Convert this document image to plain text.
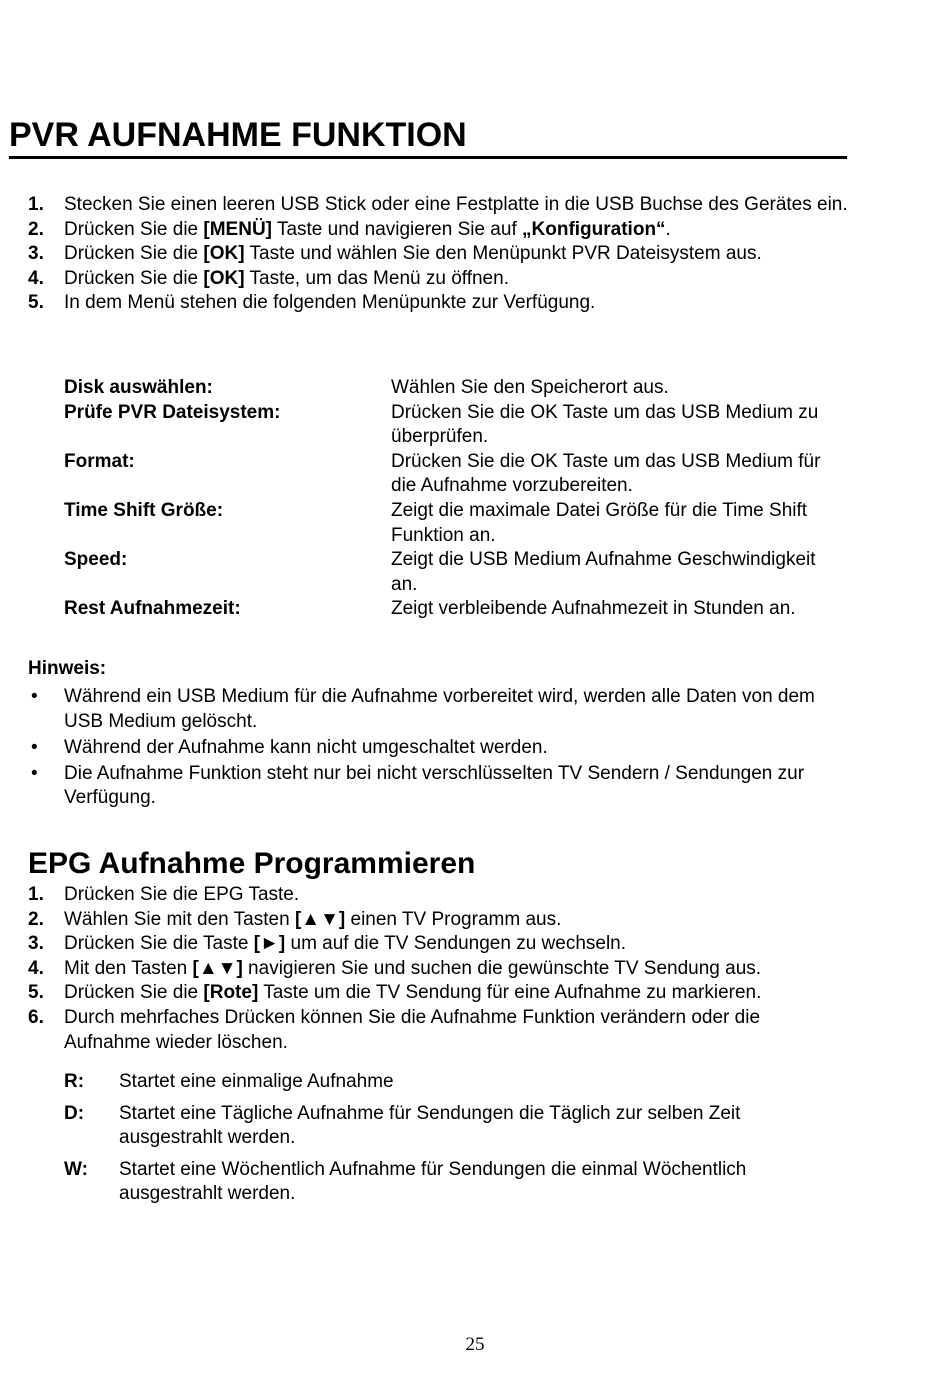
PVR AUFNAHME FUNKTION
1. Stecken Sie einen leeren USB Stick oder eine Festplatte in die USB Buchse des Gerätes ein.
2. Drücken Sie die [MENÜ] Taste und navigieren Sie auf „Konfiguration“.
3. Drücken Sie die [OK] Taste und wählen Sie den Menüpunkt PVR Dateisystem aus.
4. Drücken Sie die [OK] Taste, um das Menü zu öffnen.
5. In dem Menü stehen die folgenden Menüpunkte zur Verfügung.
Disk auswählen:	Wählen Sie den Speicherort aus.
Prüfe PVR Dateisystem:	Drücken Sie die OK Taste um das USB Medium zu überprüfen.
Format:	Drücken Sie die OK Taste um das USB Medium für die Aufnahme vorzubereiten.
Time Shift Größe:	Zeigt die maximale Datei Größe für die Time Shift Funktion an.
Speed:	Zeigt die USB Medium Aufnahme Geschwindigkeit an.
Rest Aufnahmezeit:	Zeigt verbleibende Aufnahmezeit in Stunden an.
Hinweis:
• Während ein USB Medium für die Aufnahme vorbereitet wird, werden alle Daten von dem USB Medium gelöscht.
• Während der Aufnahme kann nicht umgeschaltet werden.
• Die Aufnahme Funktion steht nur bei nicht verschlüsselten TV Sendern / Sendungen zur Verfügung.
EPG Aufnahme Programmieren
1. Drücken Sie die EPG Taste.
2. Wählen Sie mit den Tasten [▲▼] einen TV Programm aus.
3. Drücken Sie die Taste [►] um auf die TV Sendungen zu wechseln.
4. Mit den Tasten [▲▼] navigieren Sie und suchen die gewünschte TV Sendung aus.
5. Drücken Sie die [Rote] Taste um die TV Sendung für eine Aufnahme zu markieren.
6. Durch mehrfaches Drücken können Sie die Aufnahme Funktion verändern oder die Aufnahme wieder löschen.
R:	Startet eine einmalige Aufnahme
D:	Startet eine Tägliche Aufnahme für Sendungen die Täglich zur selben Zeit ausgestrahlt werden.
W:	Startet eine Wöchentlich Aufnahme für Sendungen die einmal Wöchentlich ausgestrahlt werden.
25
